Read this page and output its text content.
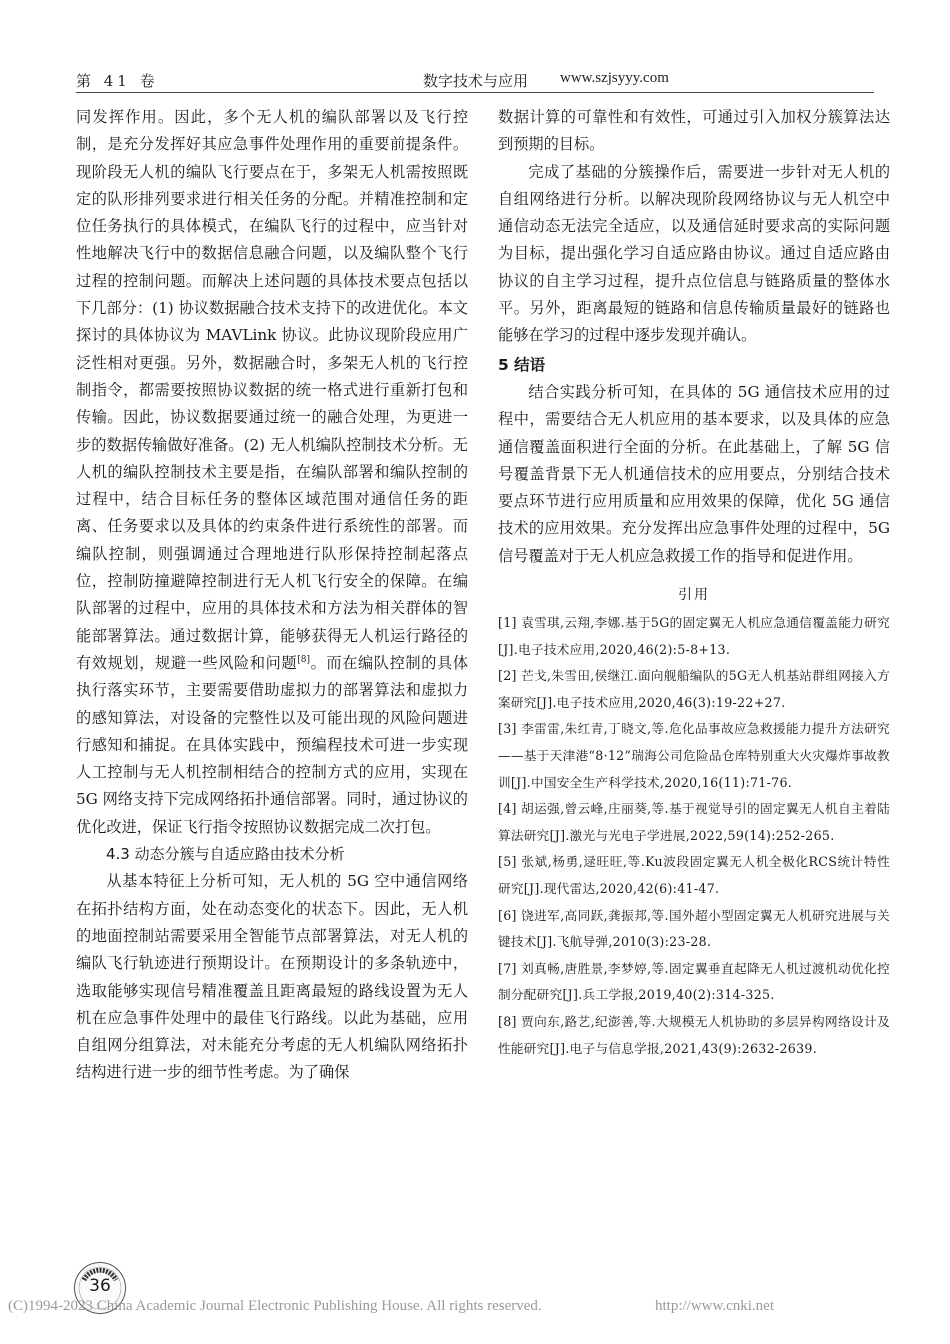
第 41 卷	数字技术与应用 www.szjsyyy.com

同发挥作用。因此，多个无人机的编队部署以及飞行控制，是充分发挥好其应急事件处理作用的重要前提条件。现阶段无人机的编队飞行要点在于，多架无人机需按照既定的队形排列要求进行相关任务的分配。并精准控制和定位任务执行的具体模式，在编队飞行的过程中，应当针对性地解决飞行中的数据信息融合问题，以及编队整个飞行过程的控制问题。而解决上述问题的具体技术要点包括以下几部分：(1) 协议数据融合技术支持下的改进优化。本文探讨的具体协议为 MAVLink 协议。此协议现阶段应用广泛性相对更强。另外，数据融合时，多架无人机的飞行控制指令，都需要按照协议数据的统一格式进行重新打包和传输。因此，协议数据要通过统一的融合处理，为更进一步的数据传输做好准备。(2) 无人机编队控制技术分析。无人机的编队控制技术主要是指，在编队部署和编队控制的过程中，结合目标任务的整体区域范围对通信任务的距离、任务要求以及具体的约束条件进行系统性的部署。而编队控制，则强调通过合理地进行队形保持控制起落点位，控制防撞避障控制进行无人机飞行安全的保障。在编队部署的过程中，应用的具体技术和方法为相关群体的智能部署算法。通过数据计算，能够获得无人机运行路径的有效规划，规避一些风险和问题[8]。而在编队控制的具体执行落实环节，主要需要借助虚拟力的部署算法和虚拟力的感知算法，对设备的完整性以及可能出现的风险问题进行感知和捕捉。在具体实践中，预编程技术可进一步实现人工控制与无人机控制相结合的控制方式的应用，实现在 5G 网络支持下完成网络拓扑通信部署。同时，通过协议的优化改进，保证飞行指令按照协议数据完成二次打包。

4.3 动态分簇与自适应路由技术分析

从基本特征上分析可知，无人机的 5G 空中通信网络在拓扑结构方面，处在动态变化的状态下。因此，无人机的地面控制站需要采用全智能节点部署算法，对无人机的编队飞行轨迹进行预期设计。在预期设计的多条轨迹中，选取能够实现信号精准覆盖且距离最短的路线设置为无人机在应急事件处理中的最佳飞行路线。以此为基础，应用自组网分组算法，对未能充分考虑的无人机编队网络拓扑结构进行进一步的细节性考虑。为了确保

数据计算的可靠性和有效性，可通过引入加权分簇算法达到预期的目标。

完成了基础的分簇操作后，需要进一步针对无人机的自组网络进行分析。以解决现阶段网络协议与无人机空中通信动态无法完全适应，以及通信延时要求高的实际问题为目标，提出强化学习自适应路由协议。通过自适应路由协议的自主学习过程，提升点位信息与链路质量的整体水平。另外，距离最短的链路和信息传输质量最好的链路也能够在学习的过程中逐步发现并确认。

5 结语

结合实践分析可知，在具体的 5G 通信技术应用的过程中，需要结合无人机应用的基本要求，以及具体的应急通信覆盖面积进行全面的分析。在此基础上，了解 5G 信号覆盖背景下无人机通信技术的应用要点，分别结合技术要点环节进行应用质量和应用效果的保障，优化 5G 通信技术的应用效果。充分发挥出应急事件处理的过程中，5G 信号覆盖对于无人机应急救援工作的指导和促进作用。

引用
[1] 袁雪琪,云翔,李娜.基于5G的固定翼无人机应急通信覆盖能力研究[J].电子技术应用,2020,46(2):5-8+13.
[2] 芒戈,朱雪田,侯继江.面向舰船编队的5G无人机基站群组网接入方案研究[J].电子技术应用,2020,46(3):19-22+27.
[3] 李雷雷,朱红青,丁晓文,等.危化品事故应急救援能力提升方法研究——基于天津港“8·12”瑞海公司危险品仓库特别重大火灾爆炸事故教训[J].中国安全生产科学技术,2020,16(11):71-76.
[4] 胡运强,曾云峰,庄丽葵,等.基于视觉导引的固定翼无人机自主着陆算法研究[J].激光与光电子学进展,2022,59(14):252-265.
[5] 张斌,杨勇,逯旺旺,等.Ku波段固定翼无人机全极化RCS统计特性研究[J].现代雷达,2020,42(6):41-47.
[6] 饶进军,高同跃,龚振邦,等.国外超小型固定翼无人机研究进展与关键技术[J].飞航导弹,2010(3):23-28.
[7] 刘真畅,唐胜景,李梦婷,等.固定翼垂直起降无人机过渡机动优化控制分配研究[J].兵工学报,2019,40(2):314-325.
[8] 贾向东,路艺,纪澎善,等.大规模无人机协助的多层异构网络设计及性能研究[J].电子与信息学报,2021,43(9):2632-2639.
36
(C)1994-2023 China Academic Journal Electronic Publishing House. All rights reserved.	http://www.cnki.net
